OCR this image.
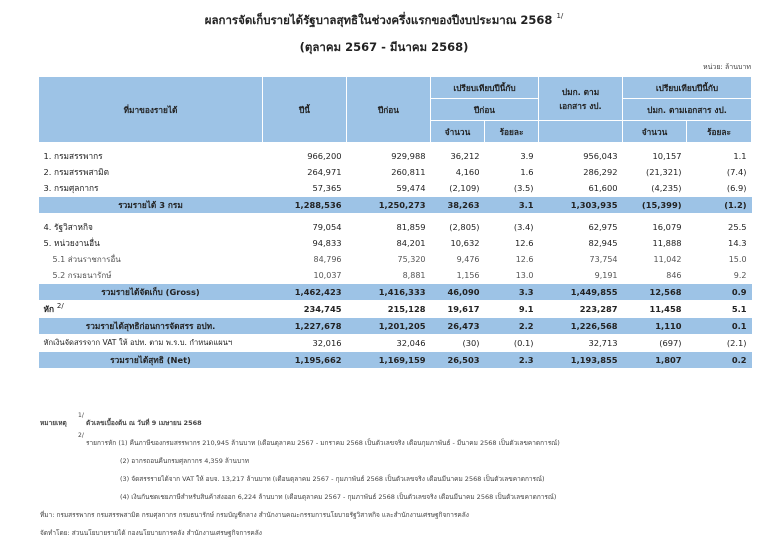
ผลการจัดเก็บรายได้รัฐบาลสุทธิในช่วงครึ่งแรกของปีงบประมาณ 2568 $^{1/}$
(ตุลาคม 2567 - มีนาคม 2568)
หน่วย: ล้านบาท
ที่มาของรายได้	ปีนี้	ปีก่อน	เปรียบเทียบปีนี้กับ		ปมก. ตาม
เอกสาร งป.	เปรียบเทียบปีนี้กับ	
			ปีก่อน			ปมก. ตามเอกสาร งป.	
			จำนวน	ร้อยละ		จำนวน	ร้อยละ

1. กรมสรรพากร	966,200	929,988	36,212	3.9	956,043	10,157	1.1
2. กรมสรรพสามิต	264,971	260,811	4,160	1.6	286,292	(21,321)	(7.4)
3. กรมศุลกากร	57,365	59,474	(2,109)	(3.5)	61,600	(4,235)	(6.9)
รวมรายได้ 3 กรม	1,288,536	1,250,273	38,263	3.1	1,303,935	(15,399)	(1.2)

4. รัฐวิสาหกิจ	79,054	81,859	(2,805)	(3.4)	62,975	16,079	25.5
5. หน่วยงานอื่น	94,833	84,201	10,632	12.6	82,945	11,888	14.3
5.1 ส่วนราชการอื่น	84,796	75,320	9,476	12.6	73,754	11,042	15.0
5.2 กรมธนารักษ์	10,037	8,881	1,156	13.0	9,191	846	9.2
รวมรายได้จัดเก็บ (Gross)	1,462,423	1,416,333	46,090	3.3	1,449,855	12,568	0.9
หัก $^{2/}$	234,745	215,128	19,617	9.1	223,287	11,458	5.1
รวมรายได้สุทธิก่อนการจัดสรร อปท.	1,227,678	1,201,205	26,473	2.2	1,226,568	1,110	0.1
หักเงินจัดสรรจาก VAT ให้ อปท. ตาม พ.ร.บ. กำหนดแผนฯ	32,016	32,046	(30)	(0.1)	32,713	(697)	(2.1)
รวมรายได้สุทธิ (Net)	1,195,662	1,169,159	26,503	2.3	1,193,855	1,807	0.2
หมายเหตุ
1/
ตัวเลขเบื้องต้น ณ วันที่ 9 เมษายน 2568
2/
รายการหัก (1) คืนภาษีของกรมสรรพากร 210,945 ล้านบาท (เดือนตุลาคม 2567 - มกราคม 2568 เป็นตัวเลขจริง เดือนกุมภาพันธ์ - มีนาคม 2568 เป็นตัวเลขคาดการณ์)
(2) อากรถอนคืนกรมศุลกากร 4,359 ล้านบาท
(3) จัดสรรรายได้จาก VAT ให้ อบจ. 13,217 ล้านบาท (เดือนตุลาคม 2567 - กุมภาพันธ์ 2568 เป็นตัวเลขจริง เดือนมีนาคม 2568 เป็นตัวเลขคาดการณ์)
(4) เงินกันชดเชยภาษีสำหรับสินค้าส่งออก 6,224 ล้านบาท (เดือนตุลาคม 2567 - กุมภาพันธ์ 2568 เป็นตัวเลขจริง เดือนมีนาคม 2568 เป็นตัวเลขคาดการณ์)
ที่มา: กรมสรรพากร กรมสรรพสามิต กรมศุลกากร กรมธนารักษ์ กรมบัญชีกลาง สำนักงานคณะกรรมการนโยบายรัฐวิสาหกิจ และสำนักงานเศรษฐกิจการคลัง
จัดทำโดย: ส่วนนโยบายรายได้ กองนโยบายการคลัง สำนักงานเศรษฐกิจการคลัง
